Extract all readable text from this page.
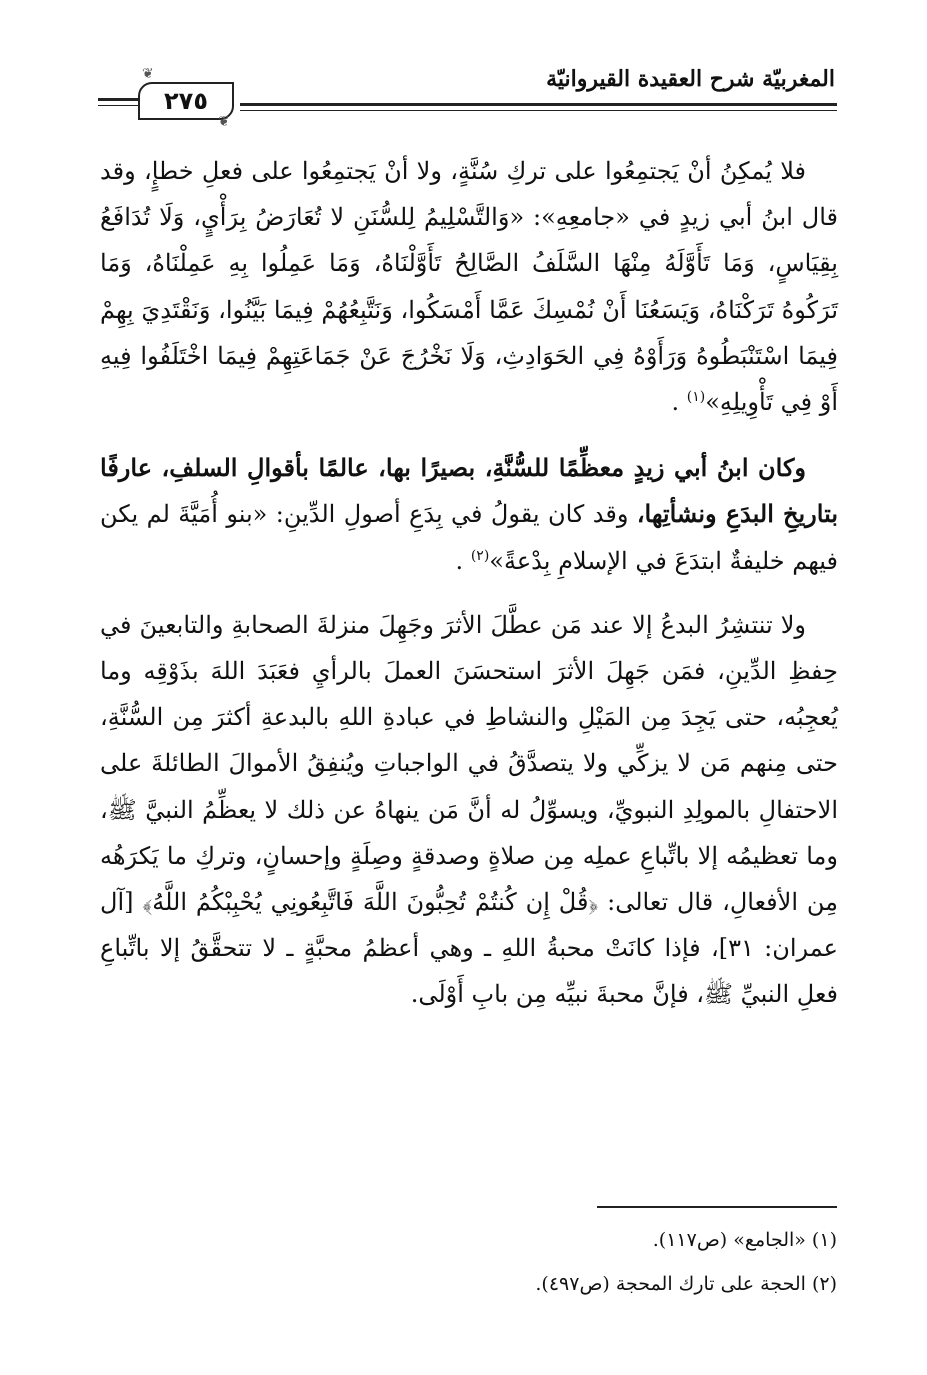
المغربيّة شرح العقيدة القيروانيّة
٢٧٥
❦
❦

فلا يُمكِنُ أنْ يَجتمِعُوا على تركِ سُنَّةٍ، ولا أنْ يَجتمِعُوا على فعلِ خطإٍ، وقد قال ابنُ أبي زيدٍ في «جامعِهِ»: «وَالتَّسْلِيمُ لِلسُّنَنِ لا تُعَارَضُ بِرَأْيٍ، وَلَا تُدَافَعُ بِقِيَاسٍ، وَمَا تَأَوَّلَهُ مِنْهَا السَّلَفُ الصَّالِحُ تَأَوَّلْنَاهُ، وَمَا عَمِلُوا بِهِ عَمِلْنَاهُ، وَمَا تَرَكُوهُ تَرَكْنَاهُ، وَيَسَعُنَا أَنْ نُمْسِكَ عَمَّا أَمْسَكُوا، وَنَتَّبِعُهُمْ فِيمَا بَيَّنُوا، وَنَقْتَدِيَ بِهِمْ فِيمَا اسْتَنْبَطُوهُ وَرَأَوْهُ فِي الحَوَادِثِ، وَلَا نَخْرُجَ عَنْ جَمَاعَتِهِمْ فِيمَا اخْتَلَفُوا فِيهِ أَوْ فِي تَأْوِيلِهِ»$^{(١)}$ .

وكان ابنُ أبي زيدٍ معظِّمًا للسُّنَّةِ، بصيرًا بها، عالمًا بأقوالِ السلفِ، عارفًا بتاريخِ البدَعِ ونشأتِها، وقد كان يقولُ في بِدَعِ أصولِ الدِّينِ: «بنو أُمَيَّةَ لم يكن فيهم خليفةٌ ابتدَعَ في الإسلامِ بِدْعةً»$^{(٢)}$ .

ولا تنتشِرُ البدعُ إلا عند مَن عطَّلَ الأثرَ وجَهِلَ منزلةَ الصحابةِ والتابعينَ في حِفظِ الدِّينِ، فمَن جَهِلَ الأثرَ استحسَنَ العملَ بالرأيِ فعَبَدَ اللهَ بذَوْقِه وما يُعجِبُه، حتى يَجِدَ مِن المَيْلِ والنشاطِ في عبادةِ اللهِ بالبدعةِ أكثرَ مِن السُّنَّةِ، حتى مِنهم مَن لا يزكِّي ولا يتصدَّقُ في الواجباتِ ويُنفِقُ الأموالَ الطائلةَ على الاحتفالِ بالمولِدِ النبويِّ، ويسوِّلُ له أنَّ مَن ينهاهُ عن ذلك لا يعظِّمُ النبيَّ ﷺ، وما تعظيمُه إلا باتِّباعِ عملِه مِن صلاةٍ وصدقةٍ وصِلَةٍ وإحسانٍ، وتركِ ما يَكرَهُه مِن الأفعالِ، قال تعالى: ﴿قُلْ إِن كُنتُمْ تُحِبُّونَ اللَّهَ فَاتَّبِعُونِي يُحْبِبْكُمُ اللَّهُ﴾ [آل عمران: ٣١]، فإذا كانَتْ محبةُ اللهِ ـ وهي أعظمُ محبَّةٍ ـ لا تتحقَّقُ إلا باتِّباعِ فعلِ النبيِّ ﷺ، فإنَّ محبةَ نبيِّه مِن بابِ أَوْلَى.

(١) «الجامع» (ص١١٧).
(٢) الحجة على تارك المحجة (ص٤٩٧).
